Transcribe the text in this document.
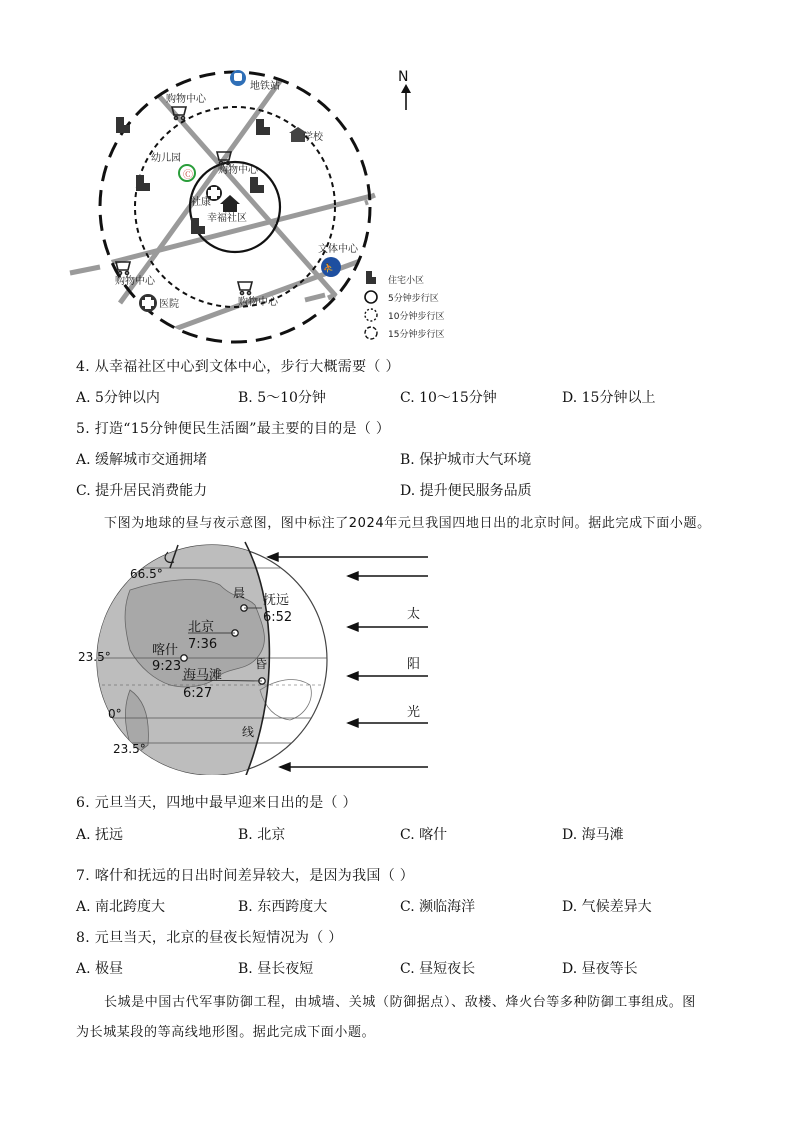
Ⓒ
⛹
地铁站
购物中心
学校
幼儿园
购物中心
社康
幸福社区
文体中心
购物中心
医院	购物中心
N
住宅小区
5分钟步行区
10分钟步行区
15分钟步行区
4. 从幸福社区中心到文体中心，步行大概需要（ ）
A. 5分钟以内	B. 5～10分钟	C. 10～15分钟	D. 15分钟以上
5. 打造“15分钟便民生活圈”最主要的目的是（ ）
A. 缓解城市交通拥堵	B. 保护城市大气环境
C. 提升居民消费能力	D. 提升便民服务品质
下图为地球的昼与夜示意图，图中标注了2024年元旦我国四地日出的北京时间。据此完成下面小题。
抚远
6:52
北京
7:36
喀什
9:23
海马滩
6:27
晨
昏
线
66.5°
23.5°
0°
23.5°
太
阳
光
6. 元旦当天，四地中最早迎来日出的是（ ）
A. 抚远	B. 北京	C. 喀什	D. 海马滩
7. 喀什和抚远的日出时间差异较大，是因为我国（ ）
A. 南北跨度大	B. 东西跨度大	C. 濒临海洋	D. 气候差异大
8. 元旦当天，北京的昼夜长短情况为（ ）
A. 极昼	B. 昼长夜短	C. 昼短夜长	D. 昼夜等长
长城是中国古代军事防御工程，由城墙、关城（防御据点）、敌楼、烽火台等多种防御工事组成。图
为长城某段的等高线地形图。据此完成下面小题。
